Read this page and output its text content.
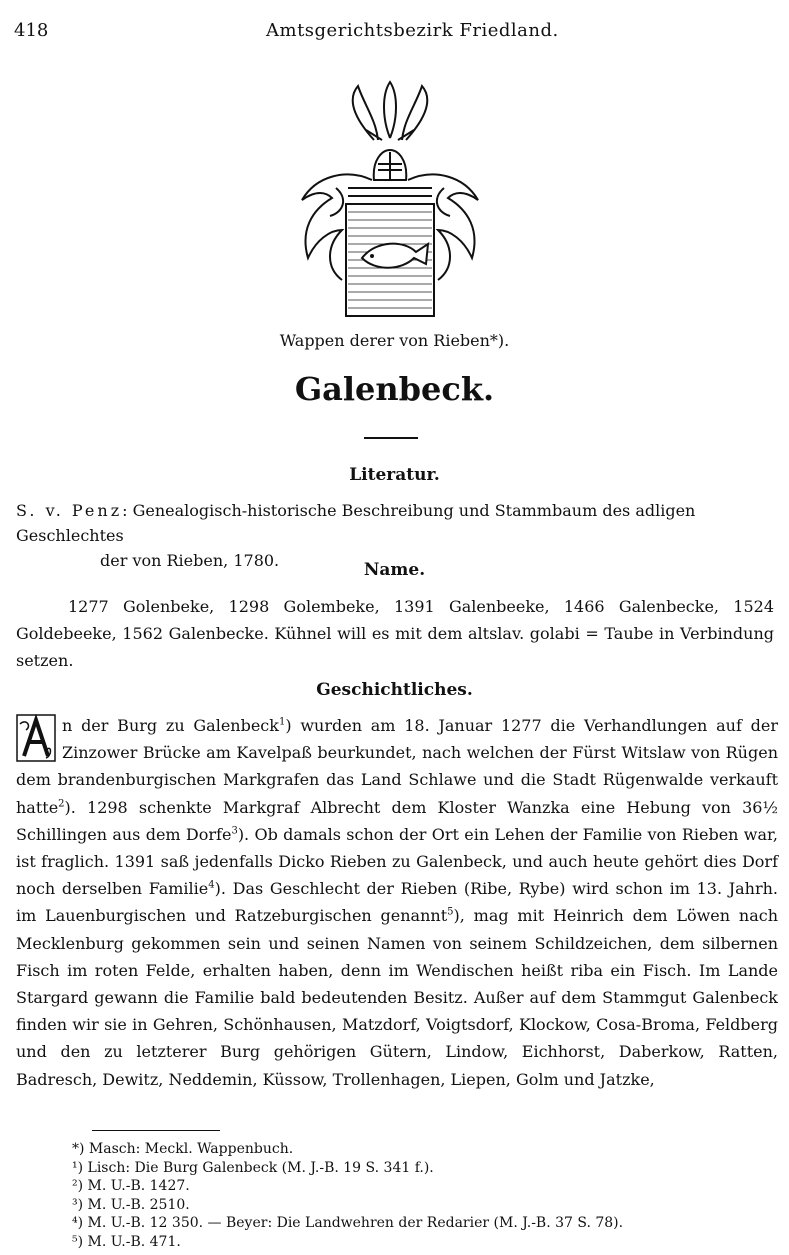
418	Amtsgerichtsbezirk Friedland.
Wappen derer von Rieben*).
Galenbeck.
Literatur.
S. v. Penz: Genealogisch-historische Beschreibung und Stammbaum des adligen Geschlechtes
der von Rieben, 1780.	Name.
1277 Golenbeke, 1298 Golembeke, 1391 Galenbeeke, 1466 Galenbecke, 1524 Goldebeeke, 1562 Galenbecke. Kühnel will es mit dem altslav. golabi = Taube in Verbindung setzen.
Geschichtliches.
n der Burg zu Galenbeck$^1$) wurden am 18. Januar 1277 die Verhandlungen auf der Zinzower Brücke am Kavelpaß beurkundet, nach welchen der Fürst Witslaw von Rügen dem brandenburgischen Markgrafen das Land Schlawe und die Stadt Rügenwalde verkauft hatte$^2$). 1298 schenkte Markgraf Albrecht dem Kloster Wanzka eine Hebung von 36½ Schillingen aus dem Dorfe$^3$). Ob damals schon der Ort ein Lehen der Familie von Rieben war, ist fraglich. 1391 saß jedenfalls Dicko Rieben zu Galenbeck, und auch heute gehört dies Dorf noch derselben Familie$^4$). Das Geschlecht der Rieben (Ribe, Rybe) wird schon im 13. Jahrh. im Lauenburgischen und Ratzeburgischen genannt$^5$), mag mit Heinrich dem Löwen nach Mecklenburg gekommen sein und seinen Namen von seinem Schildzeichen, dem silbernen Fisch im roten Felde, erhalten haben, denn im Wendischen heißt riba ein Fisch. Im Lande Stargard gewann die Familie bald bedeutenden Besitz. Außer auf dem Stammgut Galenbeck finden wir sie in Gehren, Schönhausen, Matzdorf, Voigtsdorf, Klockow, Cosa-Broma, Feldberg und den zu letzterer Burg gehörigen Gütern, Lindow, Eichhorst, Daberkow, Ratten, Badresch, Dewitz, Neddemin, Küssow, Trollenhagen, Liepen, Golm und Jatzke,
*) Masch: Meckl. Wappenbuch.
¹) Lisch: Die Burg Galenbeck (M. J.-B. 19 S. 341 f.).
²) M. U.-B. 1427.
³) M. U.-B. 2510.
⁴) M. U.-B. 12 350. — Beyer: Die Landwehren der Redarier (M. J.-B. 37 S. 78).
⁵) M. U.-B. 471.
